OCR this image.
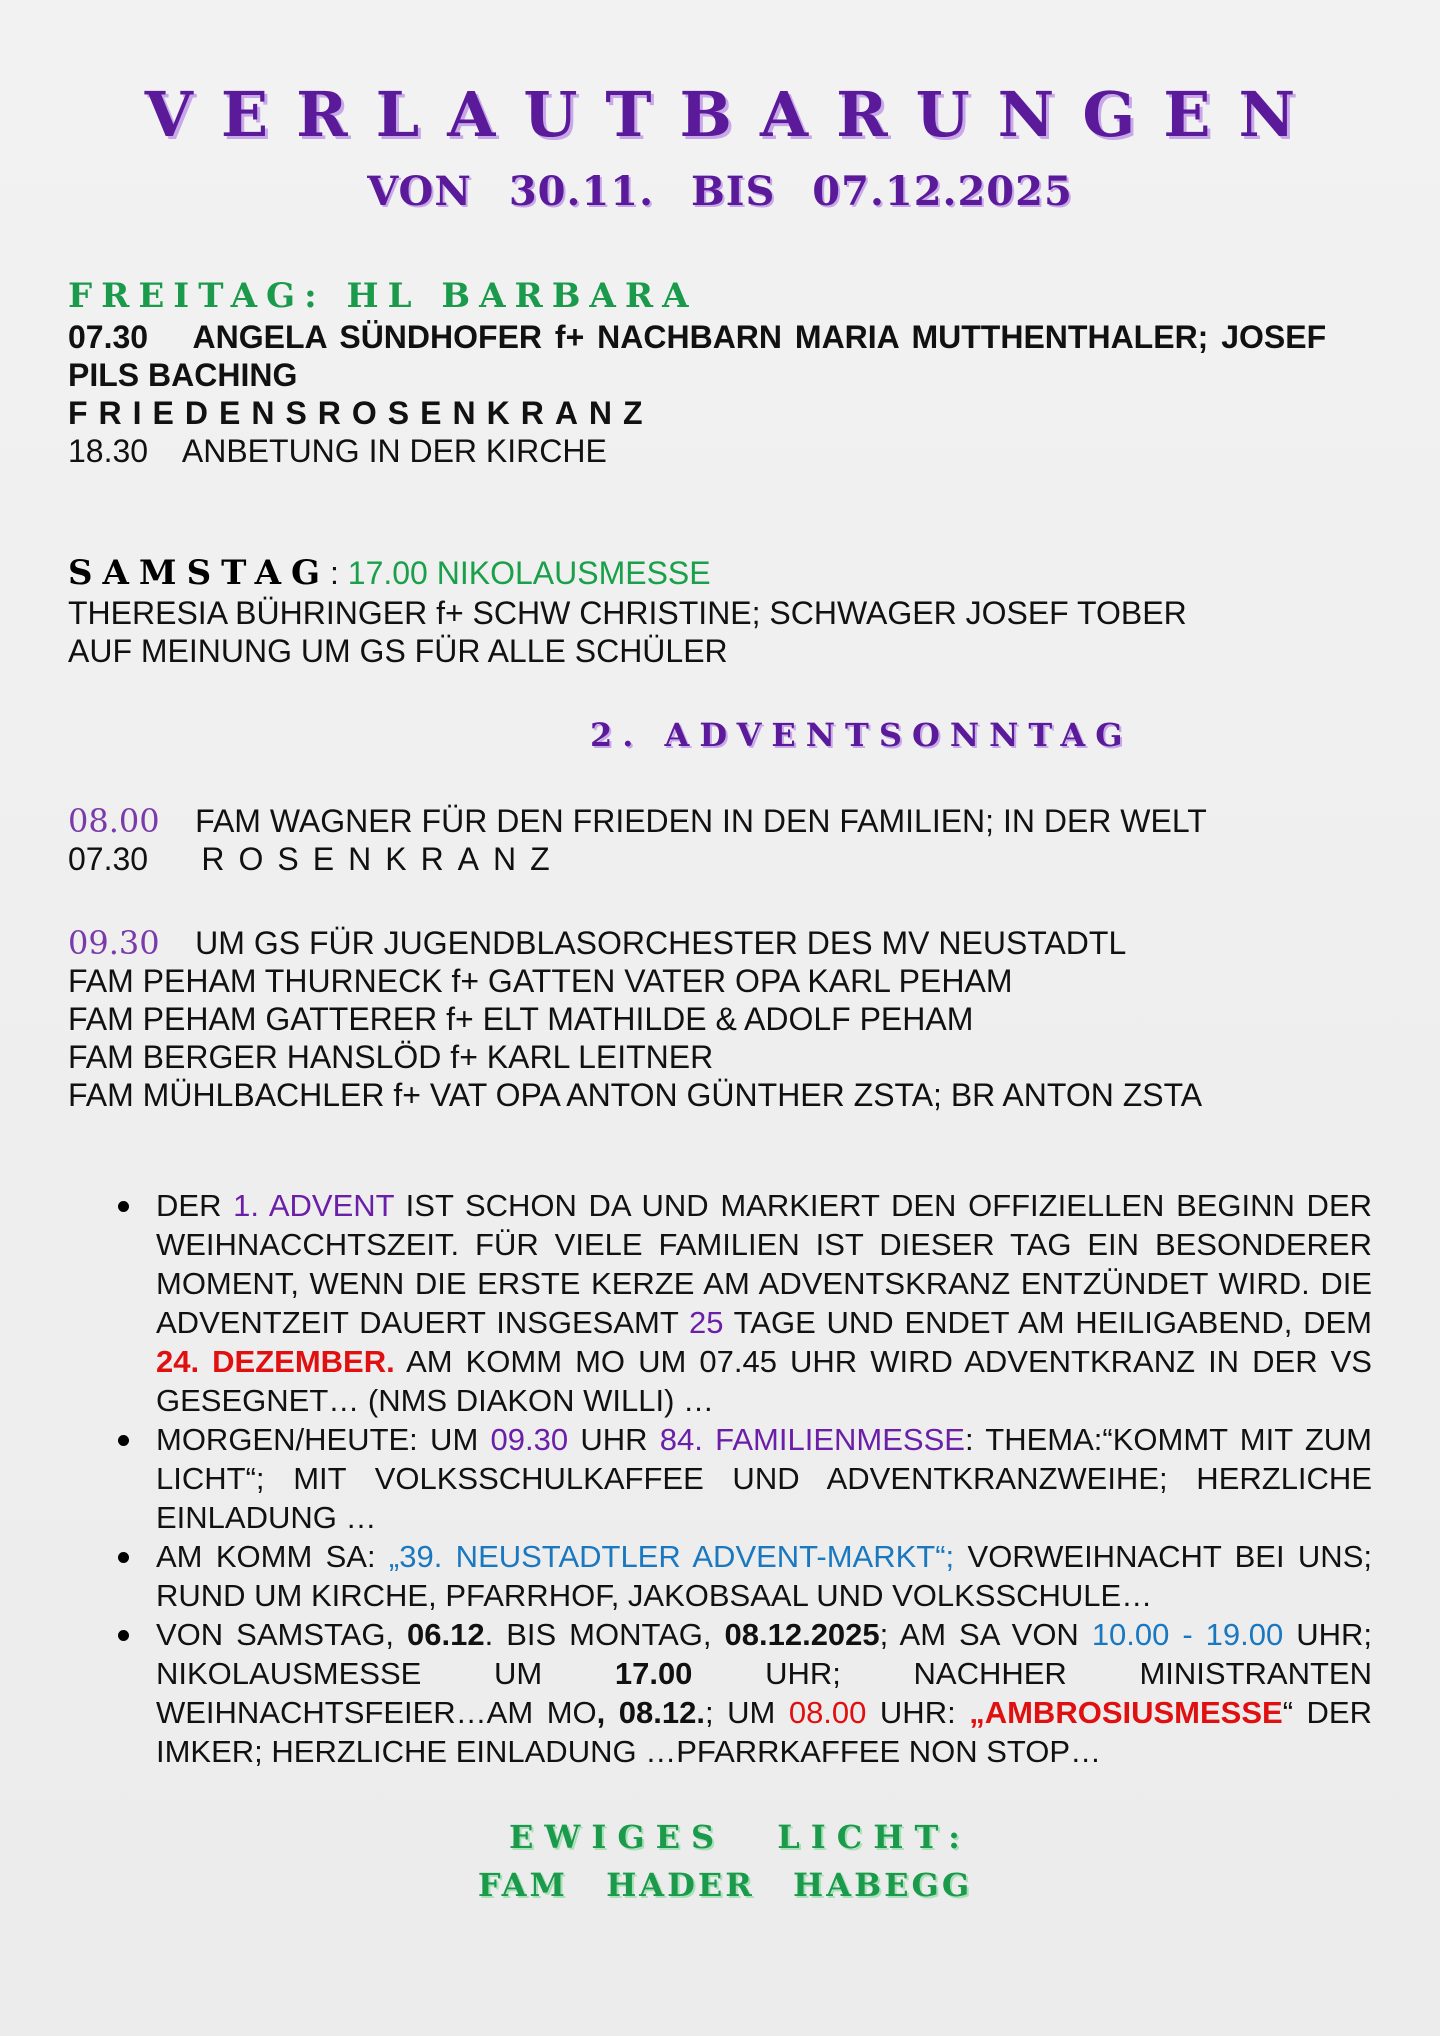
VERLAUTBARUNGEN
VON 30.11. BIS 07.12.2025
FREITAG: HL BARBARA
07.30 ANGELA SÜNDHOFER f+ NACHBARN MARIA MUTTHENTHALER; JOSEF
PILS BACHING
FRIEDENSROSENKRANZ
18.30 ANBETUNG IN DER KIRCHE
SAMSTAG: 17.00 NIKOLAUSMESSE
THERESIA BÜHRINGER f+ SCHW CHRISTINE; SCHWAGER JOSEF TOBER
AUF MEINUNG UM GS FÜR ALLE SCHÜLER
2. ADVENTSONNTAG
08.00 FAM WAGNER FÜR DEN FRIEDEN IN DEN FAMILIEN; IN DER WELT
07.30 ROSENKRANZ
09.30 UM GS FÜR JUGENDBLASORCHESTER DES MV NEUSTADTL
FAM PEHAM THURNECK f+ GATTEN VATER OPA KARL PEHAM
FAM PEHAM GATTERER f+ ELT MATHILDE & ADOLF PEHAM
FAM BERGER HANSLÖD f+ KARL LEITNER
FAM MÜHLBACHLER f+ VAT OPA ANTON GÜNTHER ZSTA; BR ANTON ZSTA
DER 1. ADVENT IST SCHON DA UND MARKIERT DEN OFFIZIELLEN BEGINN DER WEIHNACCHTSZEIT. FÜR VIELE FAMILIEN IST DIESER TAG EIN BESONDERER MOMENT, WENN DIE ERSTE KERZE AM ADVENTSKRANZ ENTZÜNDET WIRD. DIE ADVENTZEIT DAUERT INSGESAMT 25 TAGE UND ENDET AM HEILIGABEND, DEM 24. DEZEMBER. AM KOMM MO UM 07.45 UHR WIRD ADVENTKRANZ IN DER VS GESEGNET… (NMS DIAKON WILLI) …
MORGEN/HEUTE: UM 09.30 UHR 84. FAMILIENMESSE: THEMA:“KOMMT MIT ZUM LICHT“; MIT VOLKSSCHULKAFFEE UND ADVENTKRANZWEIHE; HERZLICHE EINLADUNG …
AM KOMM SA: „39. NEUSTADTLER ADVENT-MARKT“; VORWEIHNACHT BEI UNS; RUND UM KIRCHE, PFARRHOF, JAKOBSAAL UND VOLKSSCHULE…
VON SAMSTAG, 06.12. BIS MONTAG, 08.12.2025; AM SA VON 10.00 - 19.00 UHR; NIKOLAUSMESSE UM 17.00 UHR; NACHHER MINISTRANTEN WEIHNACHTSFEIER…AM MO, 08.12.; UM 08.00 UHR: „AMBROSIUSMESSE“ DER IMKER; HERZLICHE EINLADUNG …PFARRKAFFEE NON STOP…
EWIGES LICHT:
FAM HADER HABEGG
